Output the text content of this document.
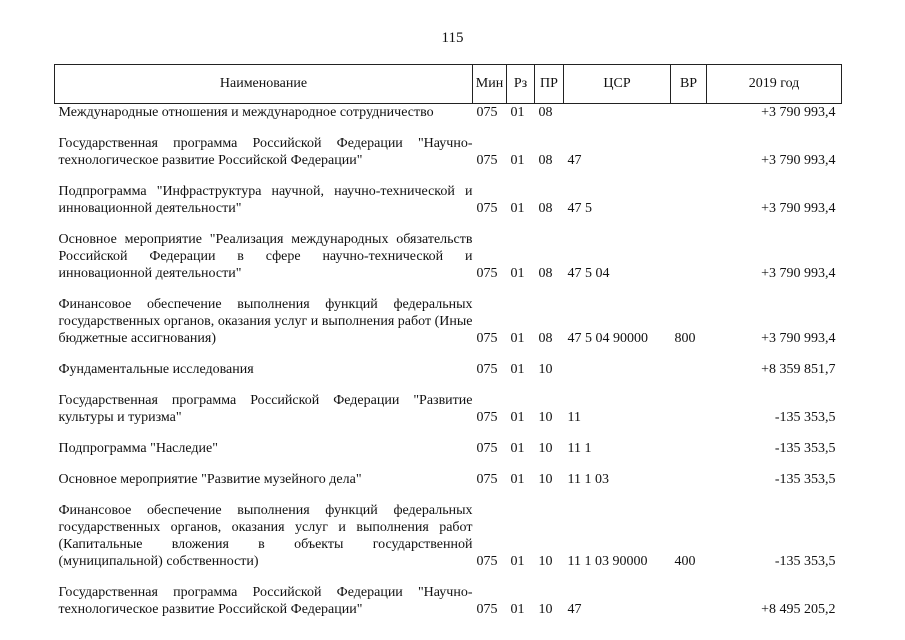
115
Наименование	Мин	Рз	ПР	ЦСР	ВР	2019 год
Международные отношения и международное сотрудничество	075	01	08			+3 790 993,4
Государственная программа Российской Федерации "Научно-технологическое развитие Российской Федерации"	075	01	08	47		+3 790 993,4
Подпрограмма "Инфраструктура научной, научно-технической и инновационной деятельности"	075	01	08	47 5		+3 790 993,4
Основное мероприятие "Реализация международных обязательств Российской Федерации в сфере научно-технической и инновационной деятельности"	075	01	08	47 5 04		+3 790 993,4
Финансовое обеспечение выполнения функций федеральных государственных органов, оказания услуг и выполнения работ (Иные бюджетные ассигнования)	075	01	08	47 5 04 90000	800	+3 790 993,4
Фундаментальные исследования	075	01	10			+8 359 851,7
Государственная программа Российской Федерации "Развитие культуры и туризма"	075	01	10	11		-135 353,5
Подпрограмма "Наследие"	075	01	10	11 1		-135 353,5
Основное мероприятие "Развитие музейного дела"	075	01	10	11 1 03		-135 353,5
Финансовое обеспечение выполнения функций федеральных государственных органов, оказания услуг и выполнения работ (Капитальные вложения в объекты государственной (муниципальной) собственности)	075	01	10	11 1 03 90000	400	-135 353,5
Государственная программа Российской Федерации "Научно-технологическое развитие Российской Федерации"	075	01	10	47		+8 495 205,2
